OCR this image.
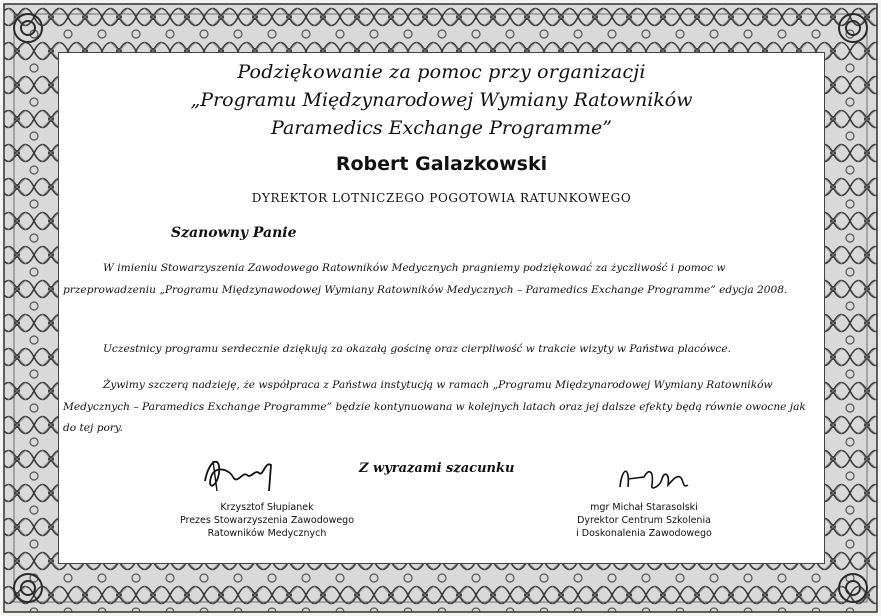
Podziękowanie za pomoc przy organizacji
„Programu Międzynarodowej Wymiany Ratowników
Paramedics Exchange Programme”
Robert Galazkowski
DYREKTOR LOTNICZEGO POGOTOWIA RATUNKOWEGO
Szanowny Panie
W imieniu Stowarzyszenia Zawodowego Ratowników Medycznych pragniemy podziękować za życzliwość i pomoc w przeprowadzeniu „Programu Międzynawodowej Wymiany Ratowników Medycznych – Paramedics Exchange Programme” edycja 2008.
Uczestnicy programu serdecznie dziękują za okazałą gościnę oraz cierpliwość w trakcie wizyty w Państwa placówce.
Żywimy szczerą nadzieję, że współpraca z Państwa instytucją w ramach „Programu Międzynarodowej Wymiany Ratowników Medycznych – Paramedics Exchange Programme” będzie kontynuowana w kolejnych latach oraz jej dalsze efekty będą równie owocne jak do tej pory.
Z wyrazami szacunku
Krzysztof Słupianek
Prezes Stowarzyszenia Zawodowego
Ratowników Medycznych
mgr Michał Starasolski
Dyrektor Centrum Szkolenia
i Doskonalenia Zawodowego
